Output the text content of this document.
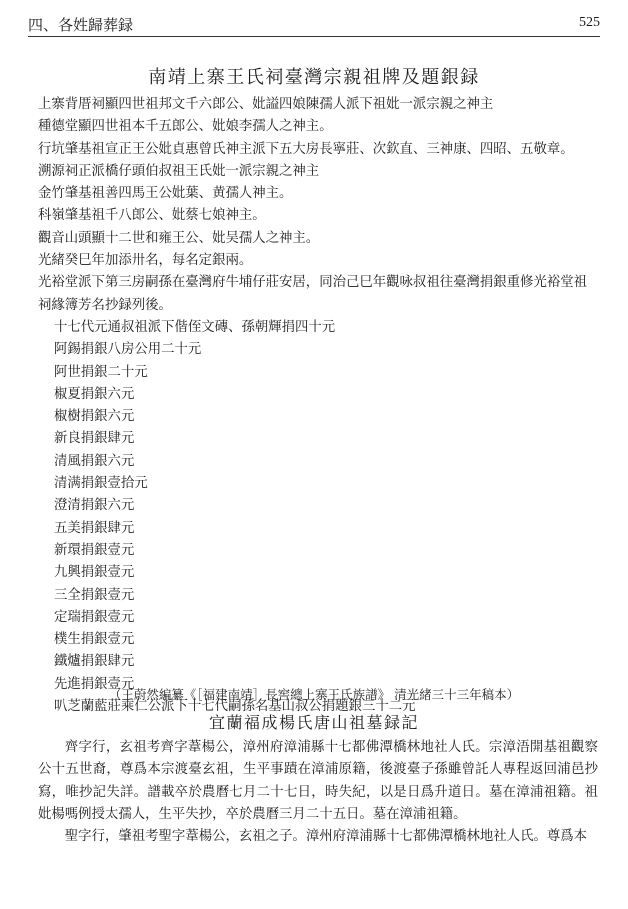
四、各姓歸葬録	525
南靖上寨王氏祠臺灣宗親祖牌及題銀録

上寨背厝祠顯四世祖邦文千六郎公、妣謚四娘陳孺人派下祖妣一派宗親之神主

種德堂顯四世祖本千五郎公、妣娘李孺人之神主。

行坑肇基祖宣正王公妣貞惠曾氏神主派下五大房長寧莊、次欽直、三神康、四昭、五敬章。

溯源祠正派橋仔頭伯叔祖王氏妣一派宗親之神主

金竹肇基祖善四馬王公妣葉、黄孺人神主。

科嶺肇基祖千八郎公、妣蔡七娘神主。

觀音山頭顯十二世和雍王公、妣吴孺人之神主。

光緒癸巳年加添卅名，每名定銀兩。

光裕堂派下第三房嗣孫在臺灣府牛埔仔莊安居，同治己巳年觀咏叔祖往臺灣捐銀重修光裕堂祖祠緣簿芳名抄録列後。

十七代元通叔祖派下偕侄文磚、孫朝輝捐四十元

阿錫捐銀八房公用二十元

阿世捐銀二十元

椒夏捐銀六元

椒樹捐銀六元

新良捐銀肆元

清風捐銀六元

清满捐銀壹拾元

澄清捐銀六元

五美捐銀肆元

新環捐銀壹元

九興捐銀壹元

三全捐銀壹元

定瑞捐銀壹元

樸生捐銀壹元

鐵爐捐銀肆元

先進捐銀壹元

叭芝蘭藍莊乘仁公派下十七代嗣孫名基山叔公捐題銀三十二元

（王蔚然編纂《［福建南靖］長窖總上寨王氏族譜》 清光緒三十三年稿本）
宜蘭福成楊氏唐山祖墓録記

齊字行，玄祖考齊字葦楊公，漳州府漳浦縣十七都佛潭橋林地社人氏。宗漳浯開基祖觀察公十五世裔，尊爲本宗渡臺玄祖，生平事蹟在漳浦原籍，後渡臺子孫雖曾託人專程返回浦邑抄寫，唯抄記失詳。譜載卒於農曆七月二十七日，時失紀，以是日爲升道日。墓在漳浦祖籍。祖妣楊嗎例授太孺人，生平失抄，卒於農曆三月二十五日。墓在漳浦祖籍。

聖字行，肇祖考聖字葦楊公，玄祖之子。漳州府漳浦縣十七都佛潭橋林地社人氏。尊爲本
